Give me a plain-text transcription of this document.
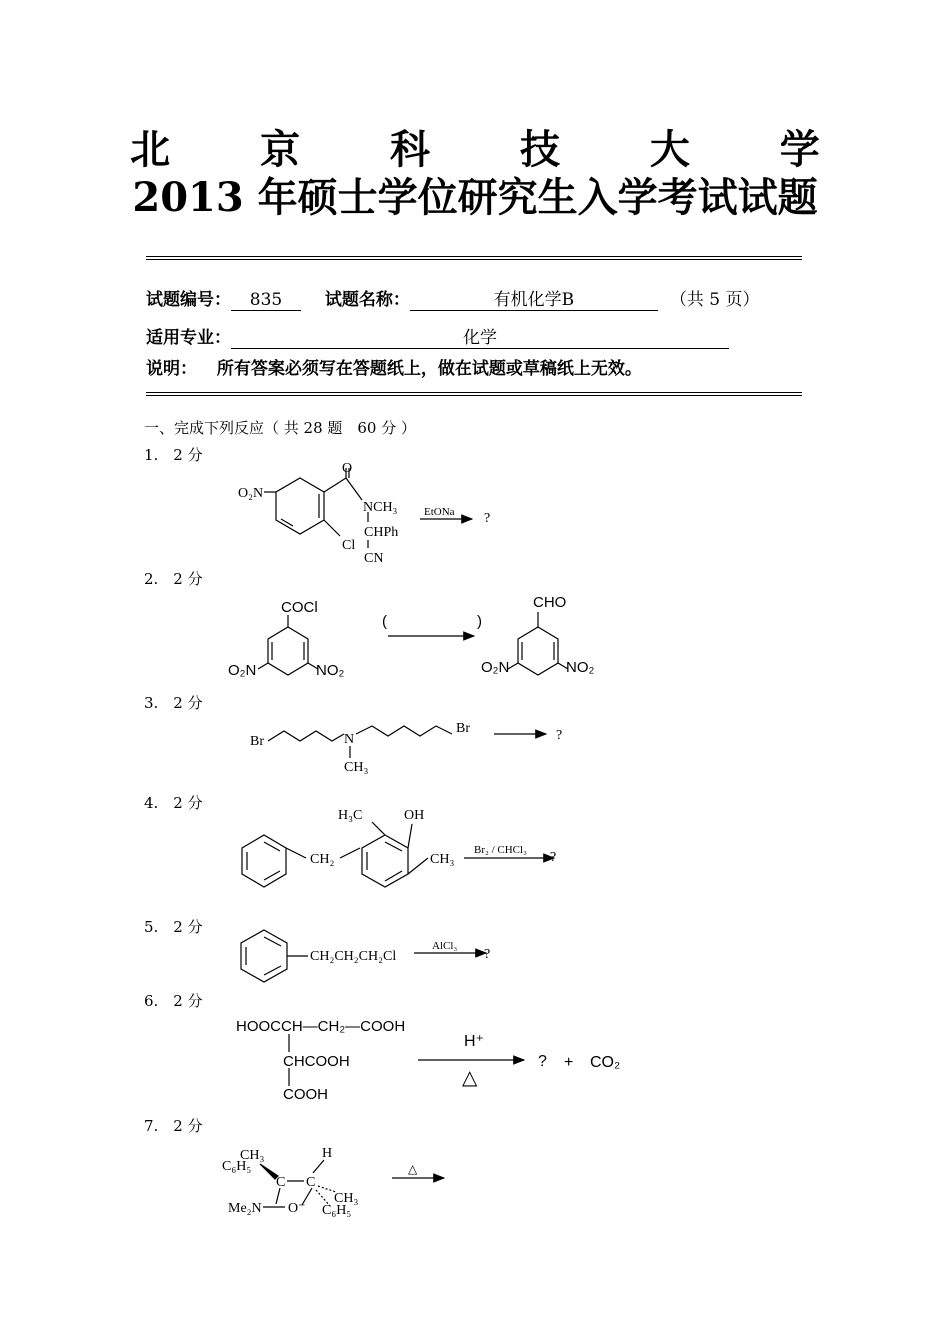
北 京 科 技 大 学
2013 年硕士学位研究生入学考试试题
试题编号： 835	试题名称：	有机化学B	（共 5 页）
适用专业：	化学
说明： 所有答案必须写在答题纸上，做在试题或草稿纸上无效。
一、完成下列反应（ 共 28 题　60 分 ）
1.　2 分
2.　2 分
3.　2 分
4.　2 分
5.　2 分
6.　2 分
7.　2 分
O
O₂N
NCH₃
CHPh
CN
Cl
EtONa ?
COCl
O₂N	NO₂
(　　　　　　)
CHO
O₂N	NO₂
Br	N
CH₃
Br	?
H₃C	OH
CH₂	CH₃
Br₂ / CHCl₃ ?
CH₂CH₂CH₂Cl
AlCl₃
?
HOOCCH—CH₂—COOH
CHCOOH
COOH
H⁺
△
? + CO₂
CH₃
C₆H₅
C C
H
CH₃
C₆H₅
Me₂N O⁻
△
